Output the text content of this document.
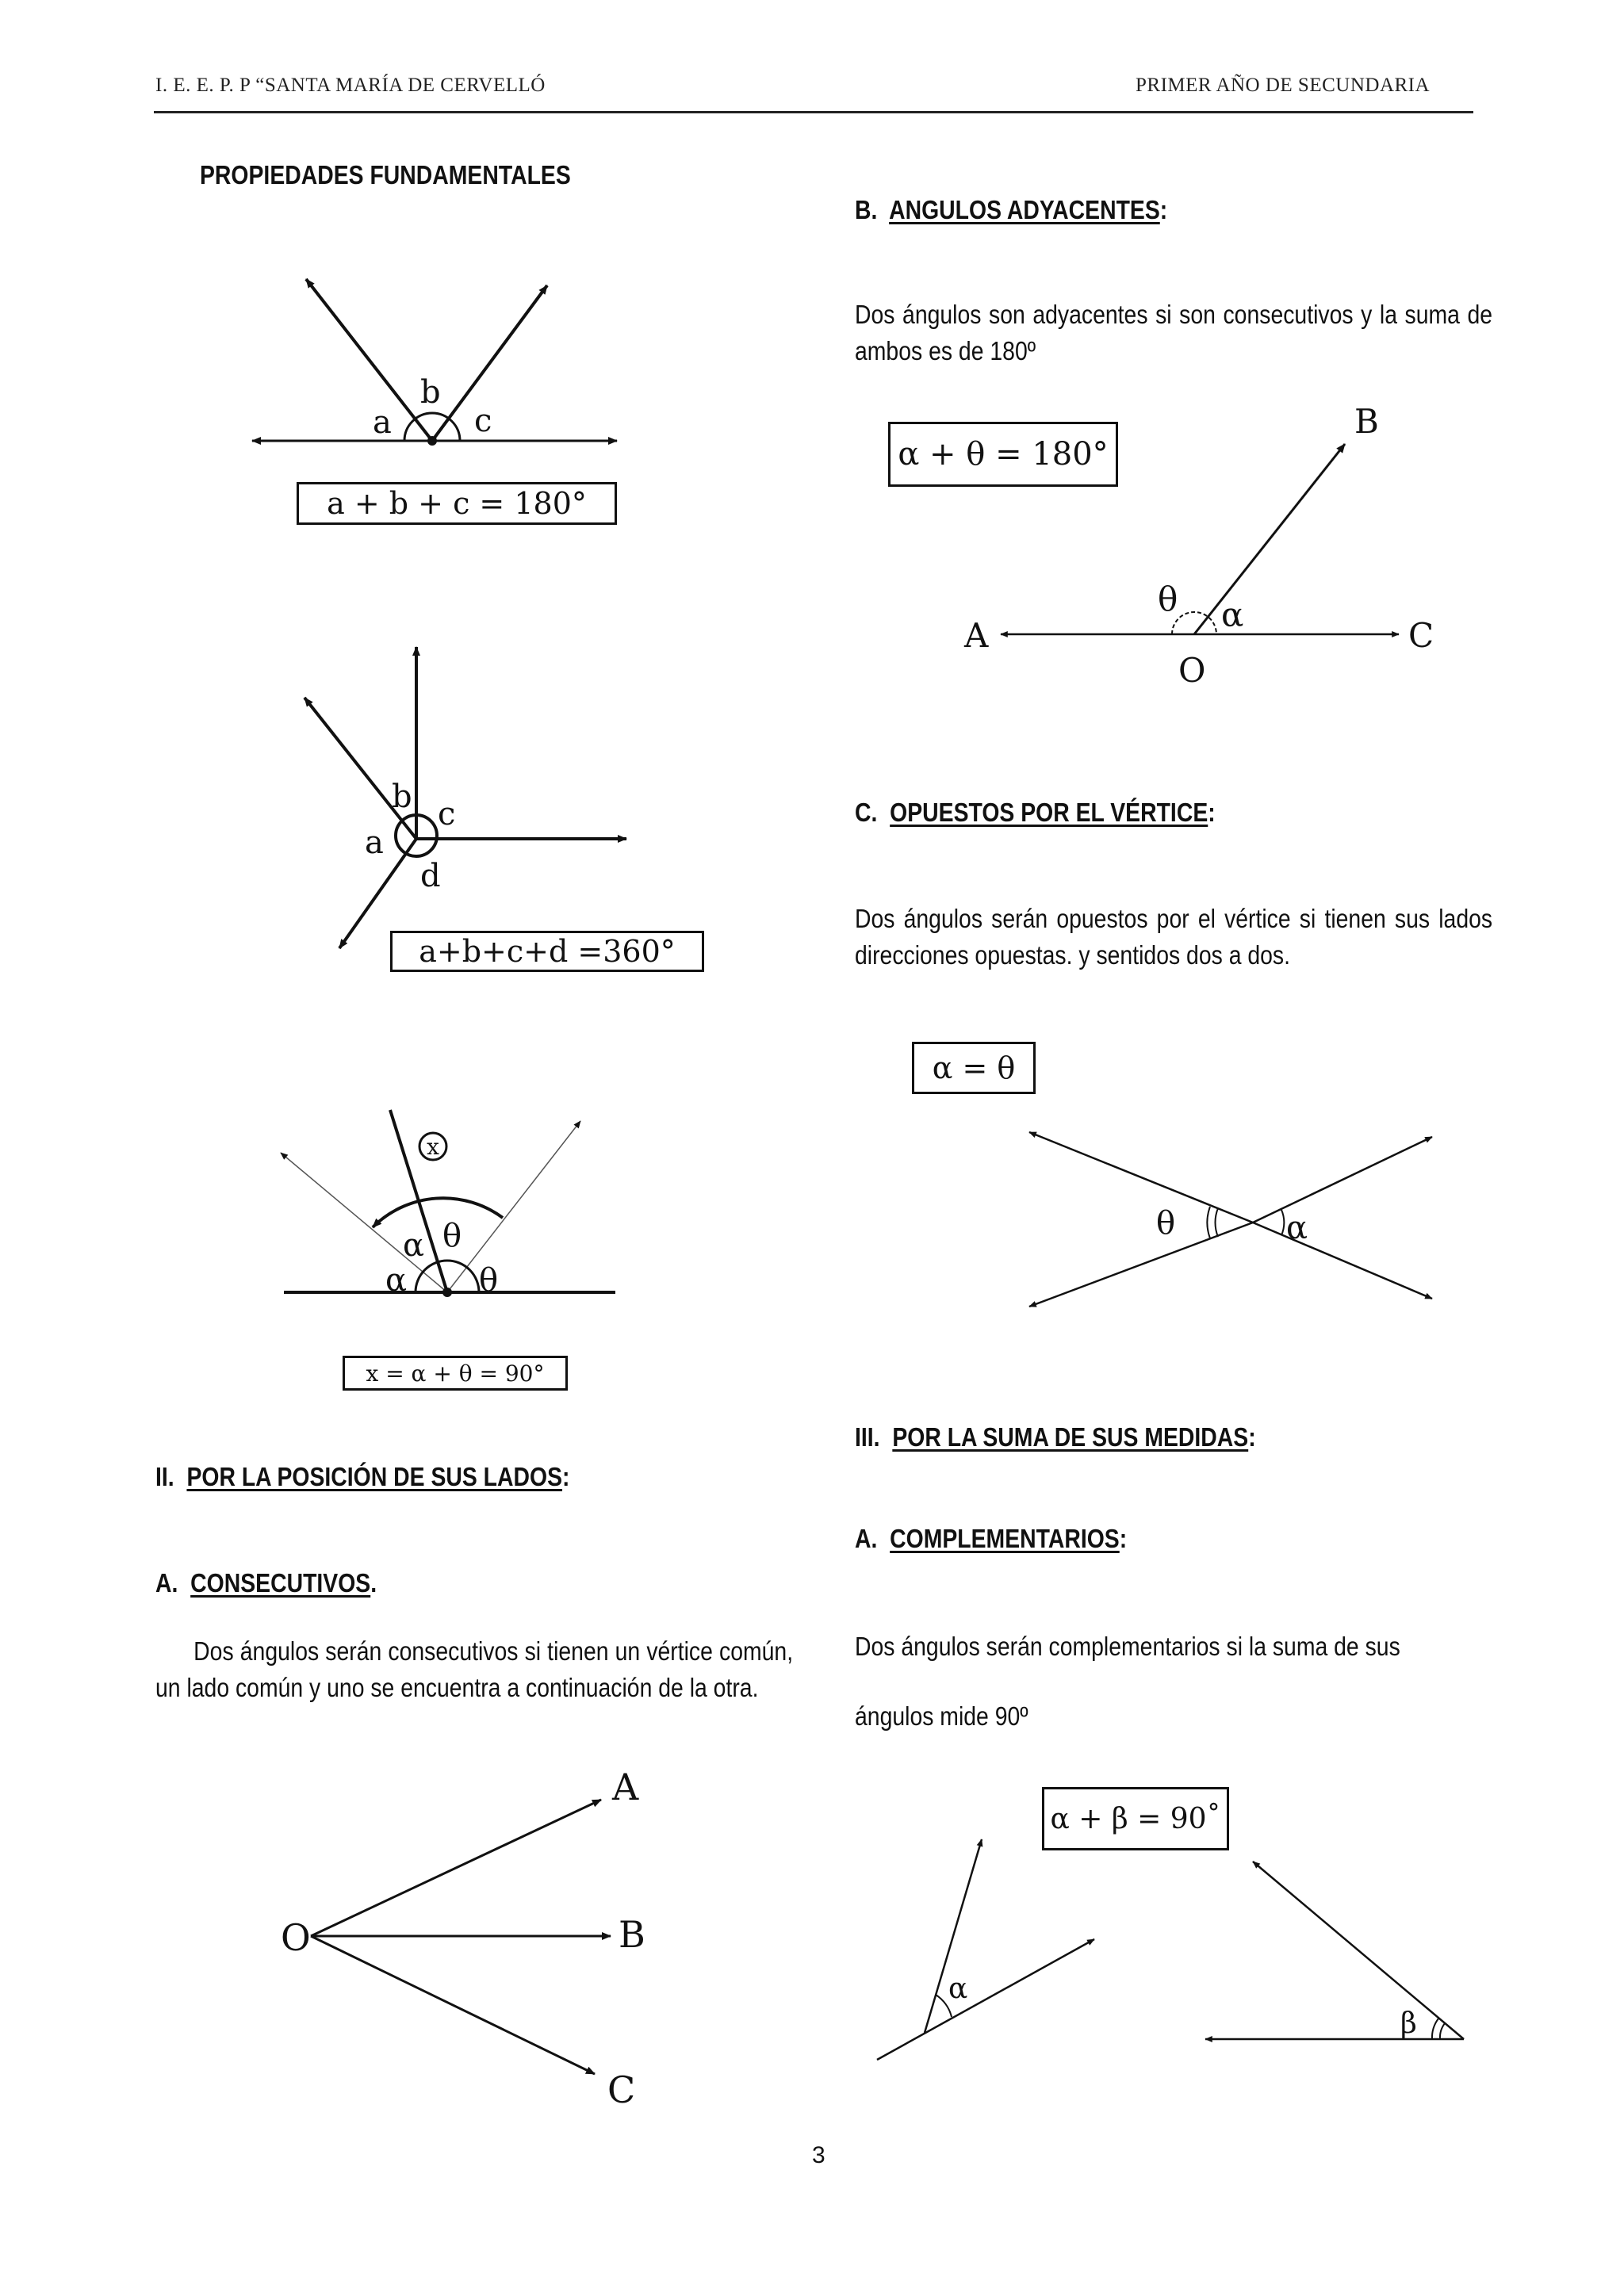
I. E. E. P. P “SANTA MARÍA DE CERVELLÓ	PRIMER AÑO DE SECUNDARIA
PROPIEDADES FUNDAMENTALES
a + b + c = 180°
a+b+c+d =360°
x = α + θ = 90°
II. POR LA POSICIÓN DE SUS LADOS:
A. CONSECUTIVOS.
Dos ángulos serán consecutivos si tienen un vértice común, un lado común y uno se encuentra a continuación de la otra.
B. ANGULOS ADYACENTES:
Dos ángulos son adyacentes si son consecutivos y la suma de ambos es de 180º
α + θ = 180°
C. OPUESTOS POR EL VÉRTICE:
Dos ángulos serán opuestos por el vértice si tienen sus lados direcciones opuestas. y sentidos dos a dos.
α = θ
III. POR LA SUMA DE SUS MEDIDAS:
A. COMPLEMENTARIOS:
Dos ángulos serán complementarios si la suma de sus
ángulos mide 90º
α + β = 90˚
a
b
c
a
b c
d
x
α θ
α θ
O
A
B
C
A
B
C
O
θ α
θ	α
α
β
3
